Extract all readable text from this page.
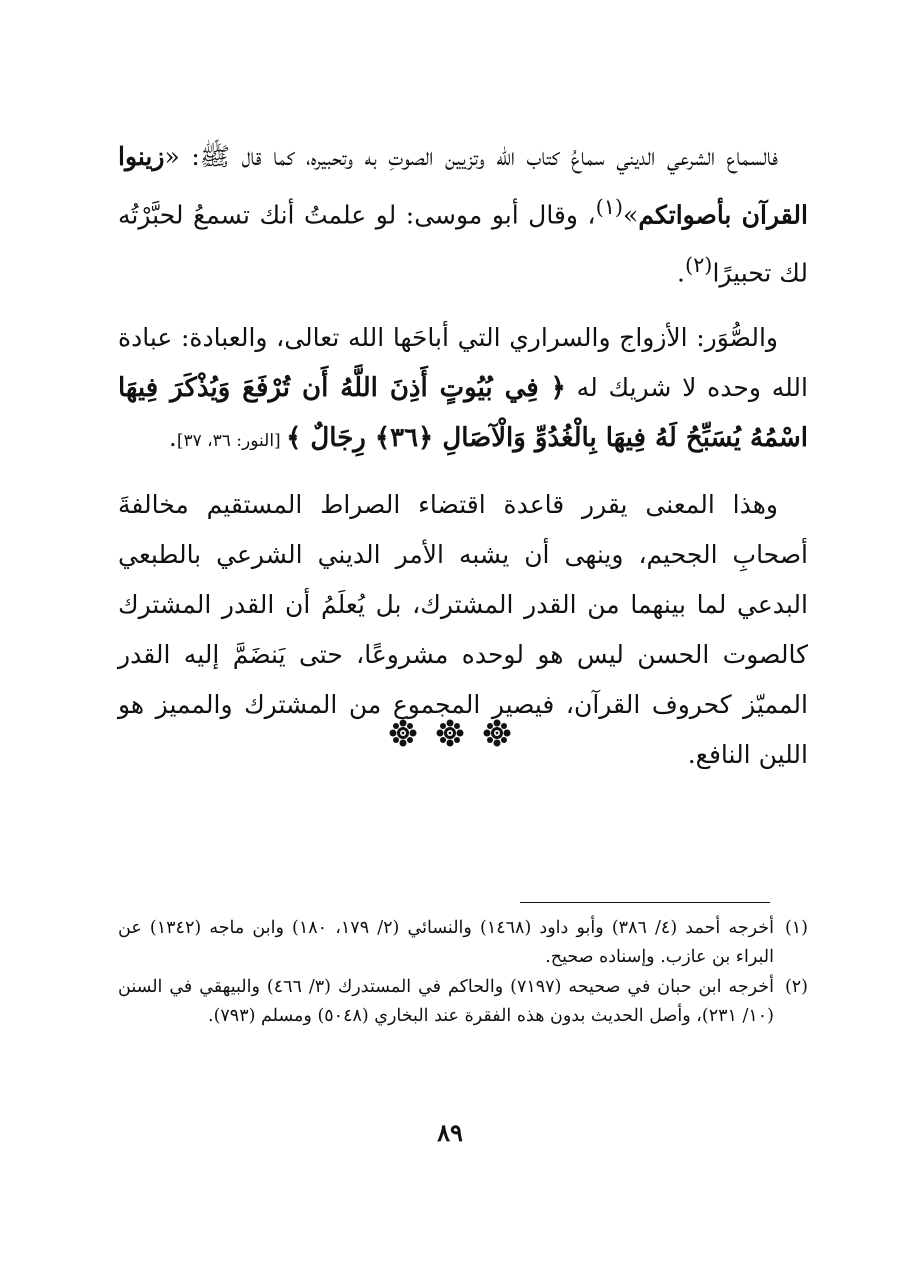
فالسماع الشرعي الديني سماعُ كتاب الله وتزيين الصوتِ به وتحبيره، كما قال ﷺ: «زينوا القرآن بأصواتكم»$^{(١)}$، وقال أبو موسى: لو علمتُ أنك تسمعُ لحبَّرْتُه لك تحبيرًا$^{(٢)}$.

والصُّوَر: الأزواج والسراري التي أباحَها الله تعالى، والعبادة: عبادة الله وحده لا شريك له ﴿ فِي بُيُوتٍ أَذِنَ اللَّهُ أَن تُرْفَعَ وَيُذْكَرَ فِيهَا اسْمُهُ يُسَبِّحُ لَهُ فِيهَا بِالْغُدُوِّ وَالْآصَالِ ﴿٣٦﴾ رِجَالٌ ﴾ [النور: ٣٦، ٣٧].

وهذا المعنى يقرر قاعدة اقتضاء الصراط المستقيم مخالفةَ أصحابِ الجحيم، وينهى أن يشبه الأمر الديني الشرعي بالطبعي البدعي لما بينهما من القدر المشترك، بل يُعلَمُ أن القدر المشترك كالصوت الحسن ليس هو لوحده مشروعًا، حتى يَنضَمَّ إليه القدر المميّز كحروف القرآن، فيصير المجموع من المشترك والمميز هو اللين النافع.

(١)
أخرجه أحمد (٤/ ٣٨٦) وأبو داود (١٤٦٨) والنسائي (٢/ ١٧٩، ١٨٠) وابن ماجه (١٣٤٢) عن البراء بن عازب. وإسناده صحيح.
(٢)
أخرجه ابن حبان في صحيحه (٧١٩٧) والحاكم في المستدرك (٣/ ٤٦٦) والبيهقي في السنن (١٠/ ٢٣١)، وأصل الحديث بدون هذه الفقرة عند البخاري (٥٠٤٨) ومسلم (٧٩٣).
٨٩
